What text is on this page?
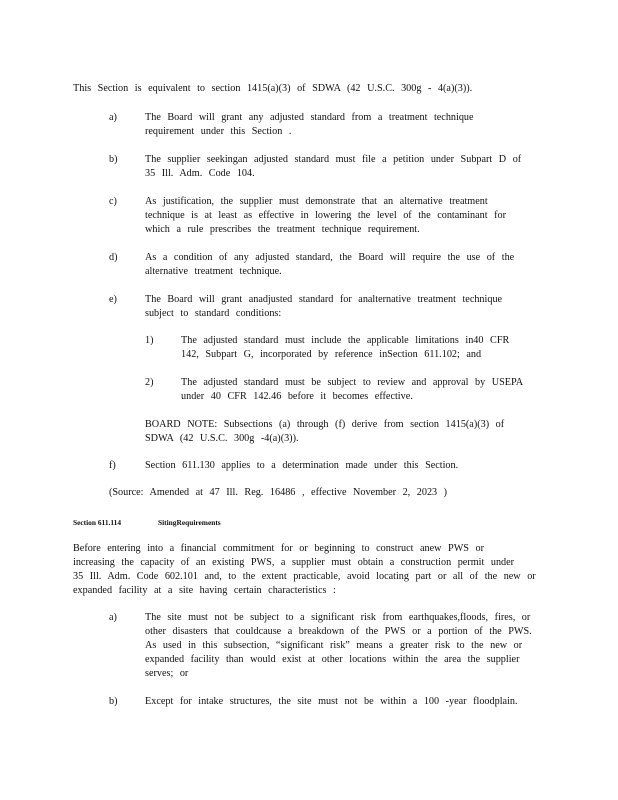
This Section is equivalent to section 1415(a)(3) of SDWA (42 U.S.C. 300g - 4(a)(3)).
a)	The Board will grant any adjusted standard from a treatment technique
requirement under this Section .
b)	The supplier seekingan adjusted standard must file a petition under Subpart D of
35 Ill. Adm. Code 104.
c)	As justification, the supplier must demonstrate that an alternative treatment
technique is at least as effective in lowering the level of the contaminant for
which a rule prescribes the treatment technique requirement.
d)	As a condition of any adjusted standard, the Board will require the use of the
alternative treatment technique.
e)	The Board will grant anadjusted standard for analternative treatment technique
subject to standard conditions:
1)	The adjusted standard must include the applicable limitations in40 CFR
142, Subpart G, incorporated by reference inSection 611.102; and
2)	The adjusted standard must be subject to review and approval by USEPA
under 40 CFR 142.46 before it becomes effective.
BOARD NOTE: Subsections (a) through (f) derive from section 1415(a)(3) of
SDWA (42 U.S.C. 300g -4(a)(3)).
f)	Section 611.130 applies to a determination made under this Section.
(Source: Amended at 47 Ill. Reg. 16486 , effective November 2, 2023 )
Section 611.114	SitingRequirements
Before entering into a financial commitment for or beginning to construct anew PWS or
increasing the capacity of an existing PWS, a supplier must obtain a construction permit under
35 Ill. Adm. Code 602.101 and, to the extent practicable, avoid locating part or all of the new or
expanded facility at a site having certain characteristics :
a)	The site must not be subject to a significant risk from earthquakes,floods, fires, or
other disasters that couldcause a breakdown of the PWS or a portion of the PWS.
As used in this subsection, “significant risk” means a greater risk to the new or
expanded facility than would exist at other locations within the area the supplier
serves; or
b)	Except for intake structures, the site must not be within a 100 -year floodplain.
